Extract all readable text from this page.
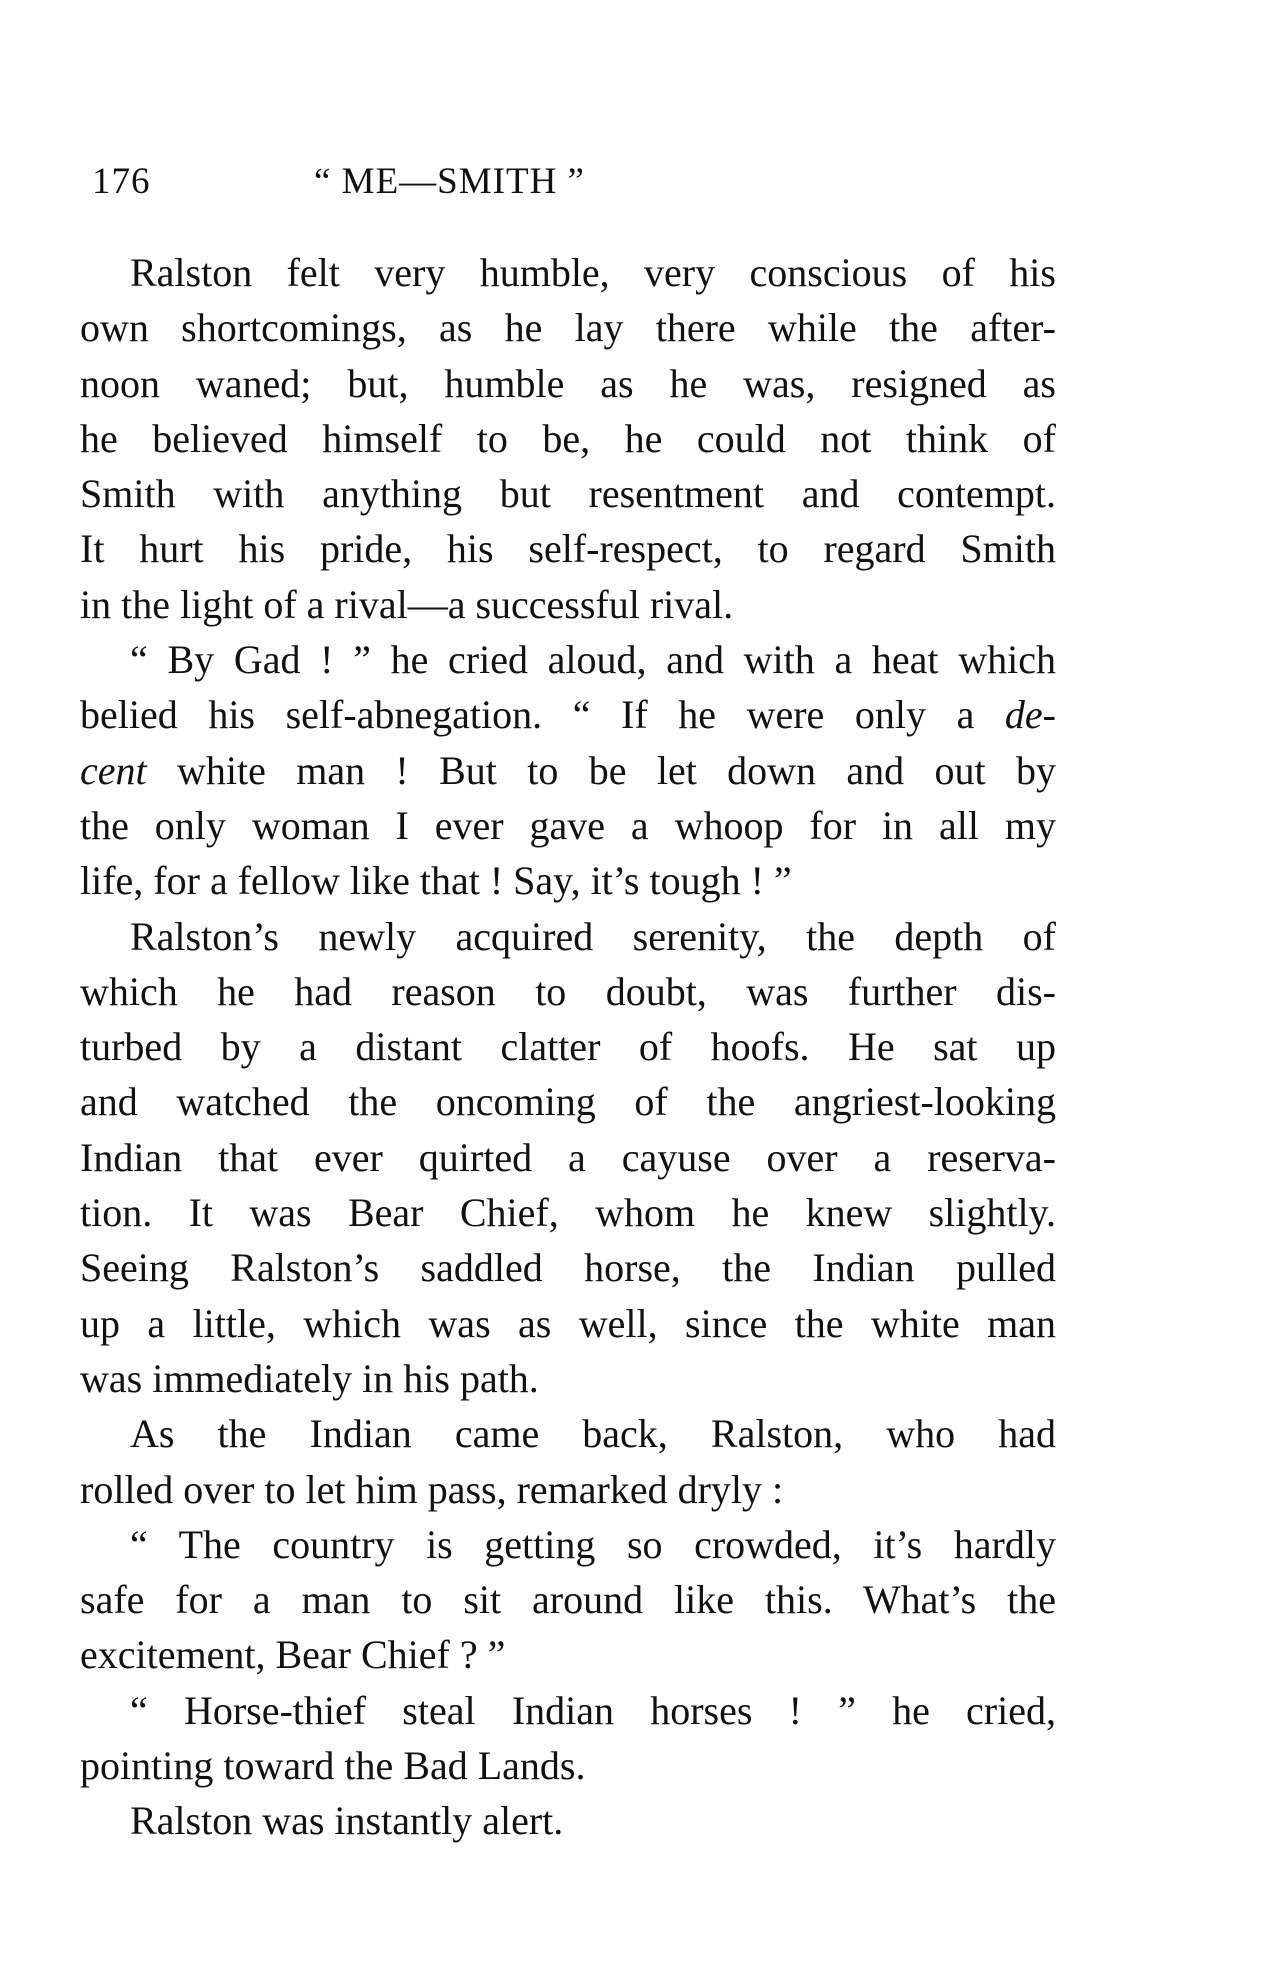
176	“ ME—SMITH ”
Ralston felt very humble, very conscious of his
own shortcomings, as he lay there while the after-
noon waned; but, humble as he was, resigned as
he believed himself to be, he could not think of
Smith with anything but resentment and contempt.
It hurt his pride, his self-respect, to regard Smith
in the light of a rival—a successful rival.
“ By Gad ! ” he cried aloud, and with a heat which
belied his self-abnegation. “ If he were only a de-
cent white man ! But to be let down and out by
the only woman I ever gave a whoop for in all my
life, for a fellow like that ! Say, it’s tough ! ”
Ralston’s newly acquired serenity, the depth of
which he had reason to doubt, was further dis-
turbed by a distant clatter of hoofs. He sat up
and watched the oncoming of the angriest-looking
Indian that ever quirted a cayuse over a reserva-
tion. It was Bear Chief, whom he knew slightly.
Seeing Ralston’s saddled horse, the Indian pulled
up a little, which was as well, since the white man
was immediately in his path.
As the Indian came back, Ralston, who had
rolled over to let him pass, remarked dryly :
“ The country is getting so crowded, it’s hardly
safe for a man to sit around like this. What’s the
excitement, Bear Chief ? ”
“ Horse-thief steal Indian horses ! ” he cried,
pointing toward the Bad Lands.
Ralston was instantly alert.
